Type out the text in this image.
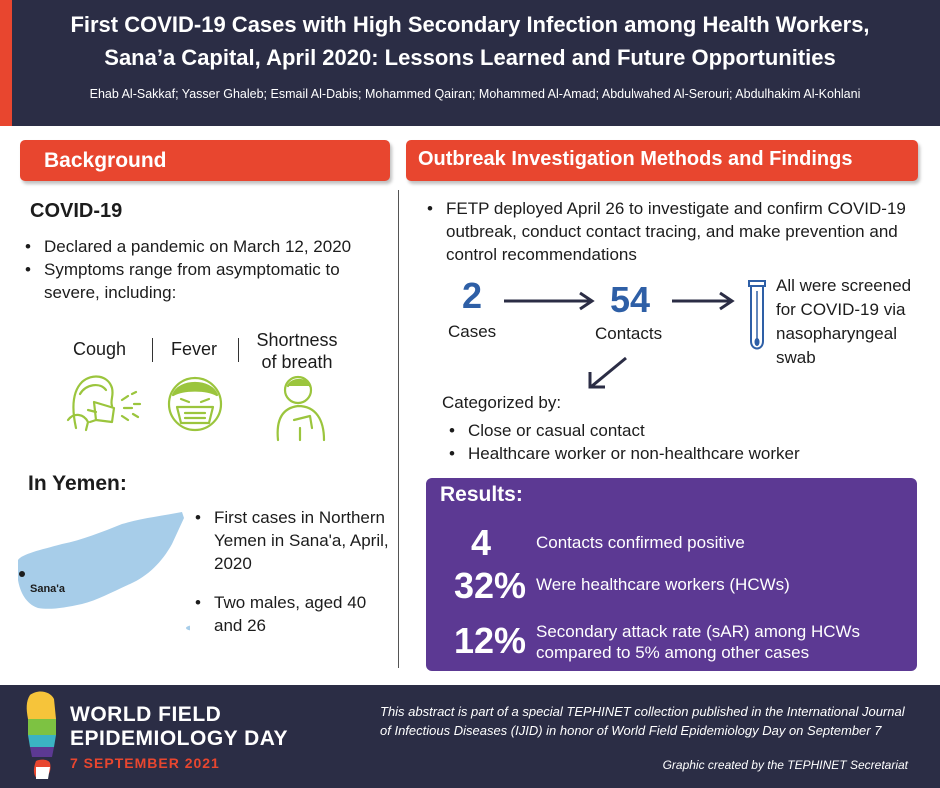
First COVID-19 Cases with High Secondary Infection among Health Workers,
Sana’a Capital, April 2020: Lessons Learned and Future Opportunities
Ehab Al-Sakkaf; Yasser Ghaleb; Esmail Al-Dabis; Mohammed Qairan; Mohammed Al-Amad; Abdulwahed Al-Serouri; Abdulhakim Al-Kohlani
Background	Outbreak Investigation Methods and Findings
COVID-19
• Declared a pandemic on March 12, 2020
• Symptoms range from asymptomatic to severe, including:
Cough Fever Shortness
of breath
In Yemen:
Sana'a
• First cases in Northern Yemen in Sana'a, April, 2020
• Two males, aged 40 and 26
• FETP deployed April 26 to investigate and confirm COVID-19 outbreak, conduct contact tracing, and make prevention and control recommendations
2
Cases
54
Contacts
All were screened for COVID-19 via nasopharyngeal swab
Categorized by:
• Close or casual contact
• Healthcare worker or non-healthcare worker
Results:
4	Contacts confirmed positive
32% Were healthcare workers (HCWs)
12% Secondary attack rate (sAR) among HCWs
compared to 5% among other cases
WORLD FIELD
EPIDEMIOLOGY DAY
7 SEPTEMBER 2021
This abstract is part of a special TEPHINET collection published in the International Journal of Infectious Diseases (IJID) in honor of World Field Epidemiology Day on September 7
Graphic created by the TEPHINET Secretariat
